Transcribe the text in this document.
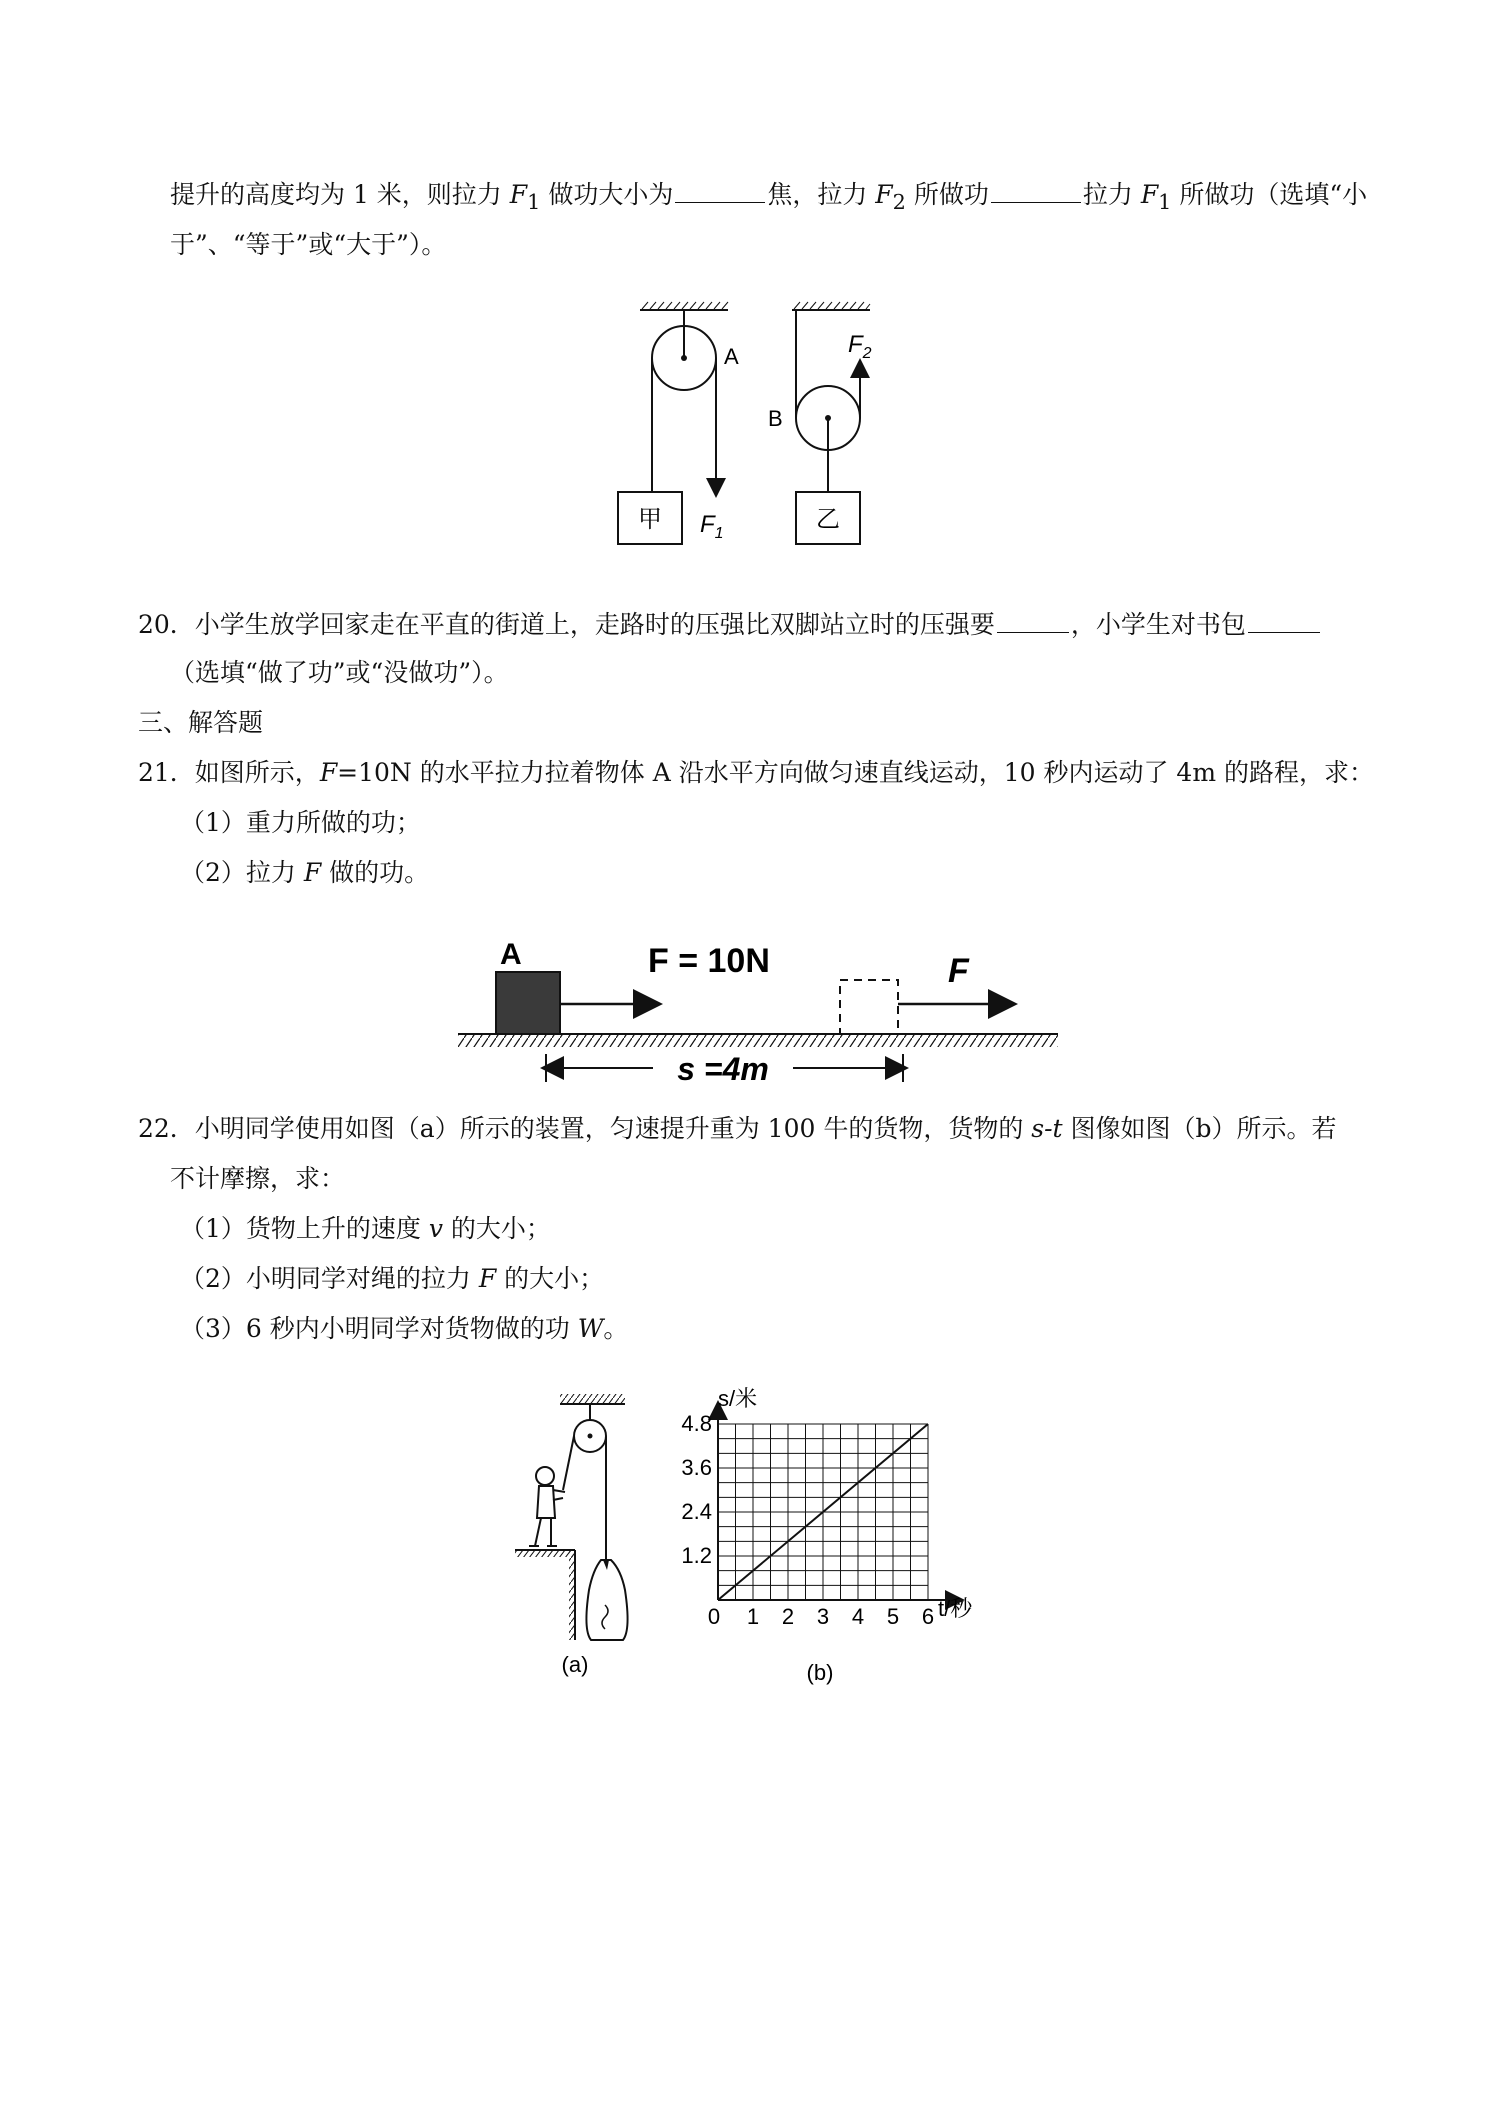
提升的高度均为 1 米，则拉力 $F_1$ 做功大小为	焦，拉力 $F_2$ 所做功	拉力 $F_1$ 所做功（选填“小
于”、“等于”或“大于”）。
A
甲 $F_1$
B
$F_2$
乙
20．小学生放学回家走在平直的街道上，走路时的压强比双脚站立时的压强要	，小学生对书包
（选填“做了功”或“没做功”）。
三、解答题
21．如图所示，F=10N 的水平拉力拉着物体 A 沿水平方向做匀速直线运动，10 秒内运动了 4m 的路程，求：
（1）重力所做的功；
（2）拉力 F 做的功。
A	F = 10N	F
s =4m
22．小明同学使用如图（a）所示的装置，匀速提升重为 100 牛的货物，货物的 s-t 图像如图（b）所示。若
不计摩擦，求：
（1）货物上升的速度 v 的大小；
（2）小明同学对绳的拉力 F 的大小；
（3）6 秒内小明同学对货物做的功 W。
(a)
0 1 2 3 4 5 6
1.2
2.4
3.6
4.8
s/米
t/秒
(b)
